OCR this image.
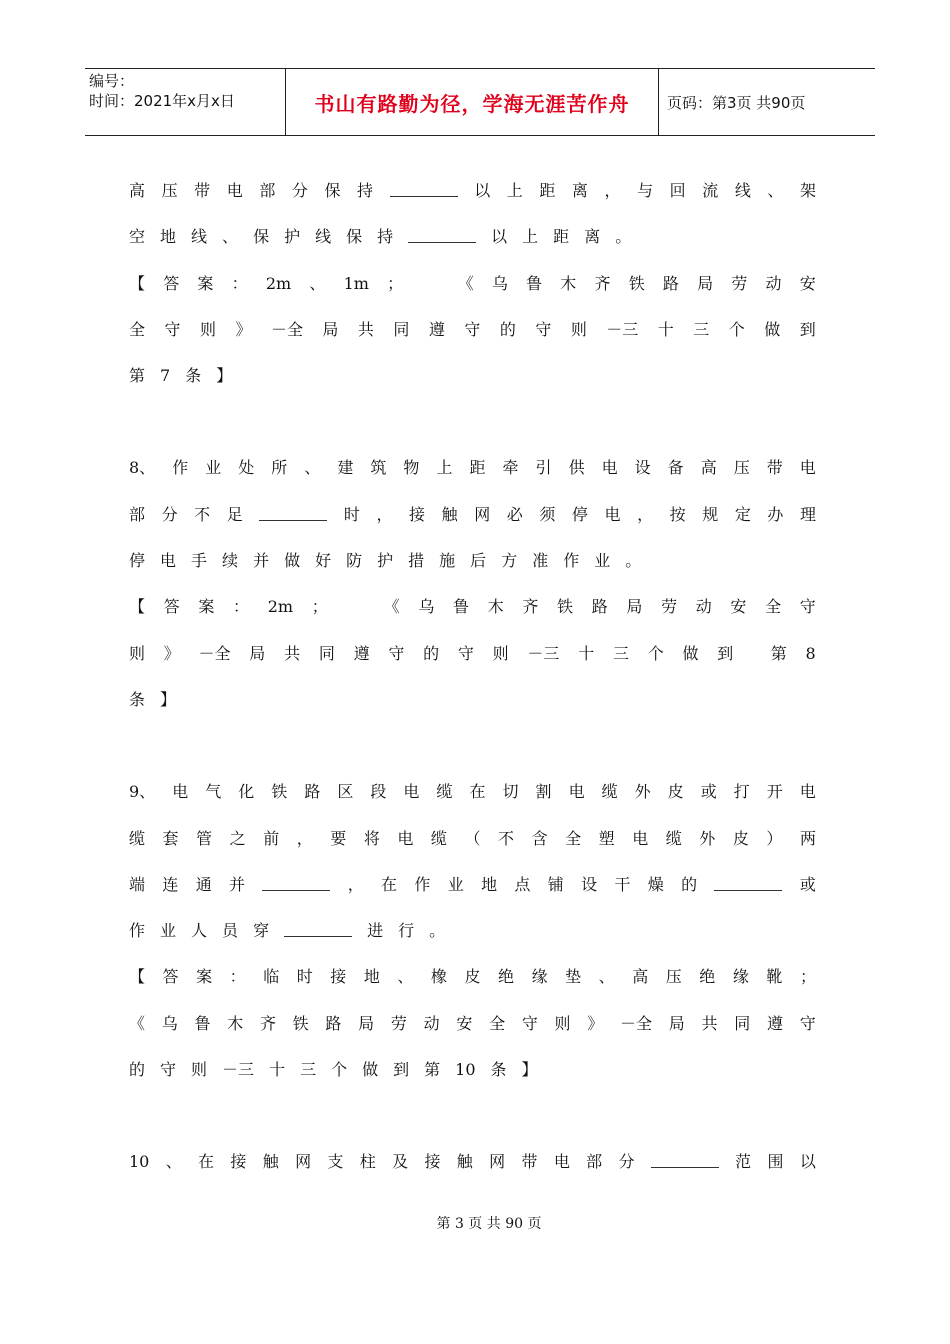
编号：
时间：2021年x月x日	书山有路勤为径，学海无涯苦作舟	页码：第3页 共90页
高 压 带 电 部 分 保 持	以 上 距 离 ， 与 回 流 线 、 架
空 地 线 、 保 护 线 保 持	以 上 距 离 。
【 答 案 ： 2m 、 1m ；	《 乌 鲁 木 齐 铁 路 局 劳 动 安
全 守 则 》 －全 局 共 同 遵 守 的 守 则 －三 十 三 个 做 到
第 7 条 】
8、 作 业 处 所 、 建 筑 物 上 距 牵 引 供 电 设 备 高 压 带 电
部 分 不 足	时 ， 接 触 网 必 须 停 电 ， 按 规 定 办 理
停 电 手 续 并 做 好 防 护 措 施 后 方 准 作 业 。
【 答 案 ： 2m ；	《 乌 鲁 木 齐 铁 路 局 劳 动 安 全 守
则 》 －全 局 共 同 遵 守 的 守 则 －三 十 三 个 做 到 第 8
条 】
9、 电 气 化 铁 路 区 段 电 缆 在 切 割 电 缆 外 皮 或 打 开 电
缆 套 管 之 前 ， 要 将 电 缆 （ 不 含 全 塑 电 缆 外 皮 ） 两
端 连 通 并	， 在 作 业 地 点 铺 设 干 燥 的	或
作 业 人 员 穿	进 行 。
【 答 案 ： 临 时 接 地 、 橡 皮 绝 缘 垫 、 高 压 绝 缘 靴 ；
《 乌 鲁 木 齐 铁 路 局 劳 动 安 全 守 则 》 －全 局 共 同 遵 守
的 守 则 －三 十 三 个 做 到 第 10 条 】
10 、 在 接 触 网 支 柱 及 接 触 网 带 电 部 分	范 围 以
第 3 页 共 90 页
